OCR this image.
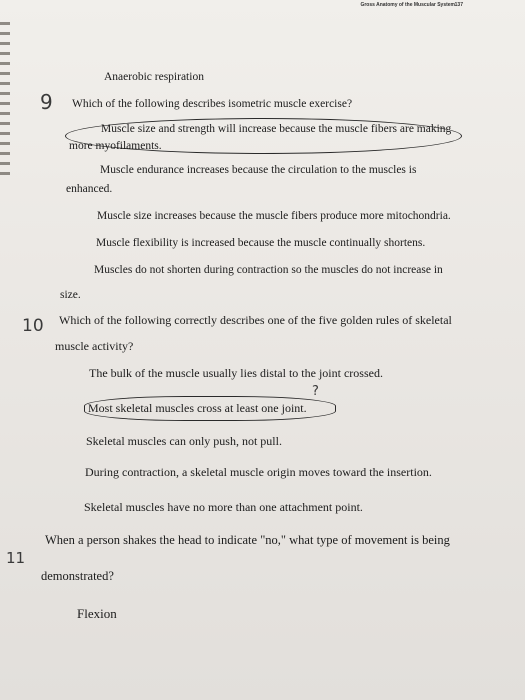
Gross Anatomy of the Muscular System 137
Anaerobic respiration
9 Which of the following describes isometric muscle exercise?
Muscle size and strength will increase because the muscle fibers are making
more myofilaments.
Muscle endurance increases because the circulation to the muscles is
enhanced.
Muscle size increases because the muscle fibers produce more mitochondria.
Muscle flexibility is increased because the muscle continually shortens.
Muscles do not shorten during contraction so the muscles do not increase in
size.
10 Which of the following correctly describes one of the five golden rules of skeletal
muscle activity?
The bulk of the muscle usually lies distal to the joint crossed.
?
Most skeletal muscles cross at least one joint.
Skeletal muscles can only push, not pull.
During contraction, a skeletal muscle origin moves toward the insertion.
Skeletal muscles have no more than one attachment point.
11
When a person shakes the head to indicate "no," what type of movement is being
demonstrated?
Flexion
